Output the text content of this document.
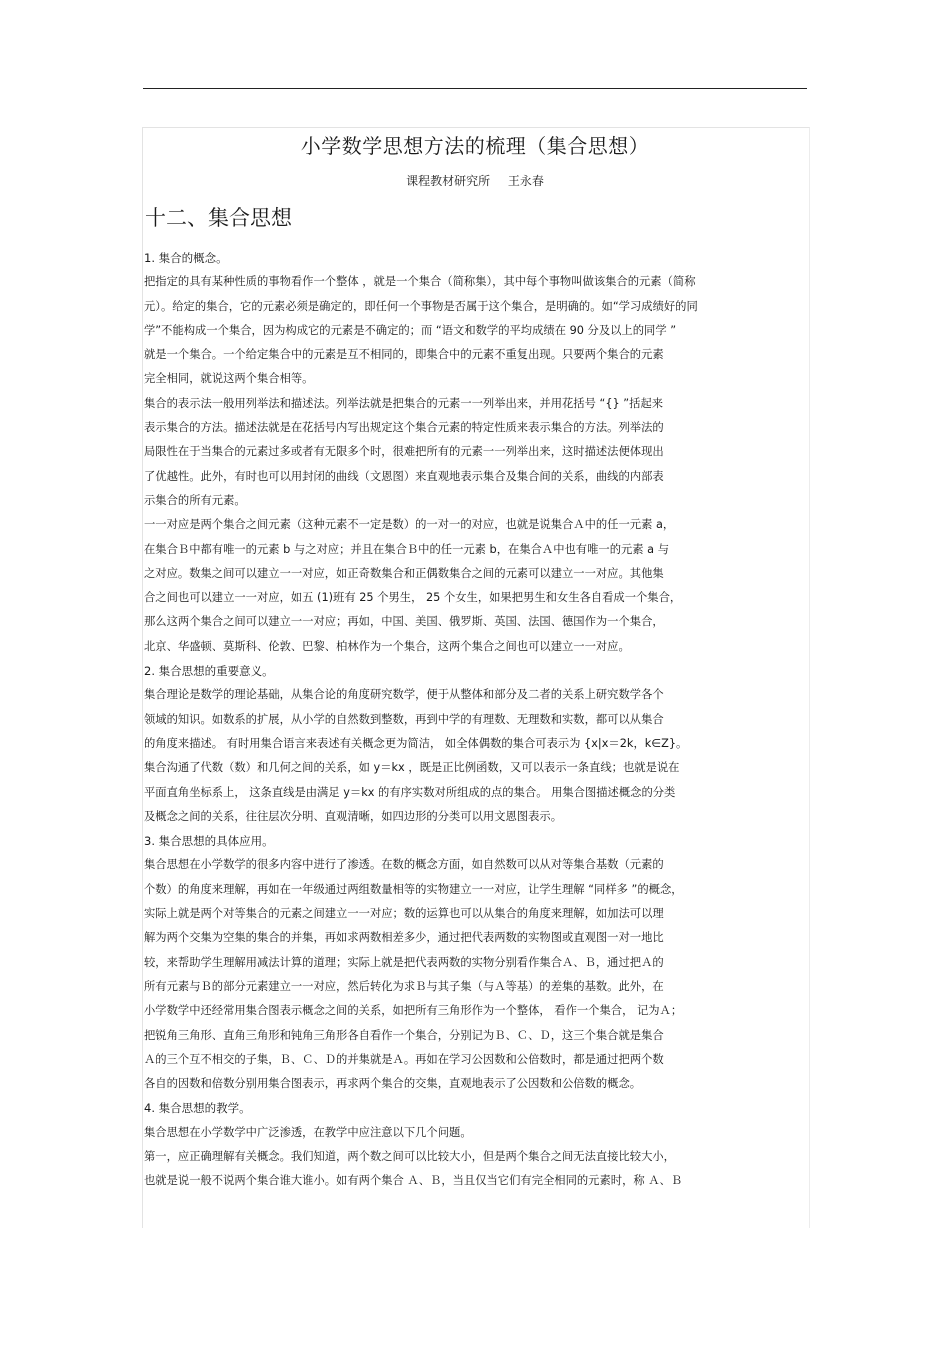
小学数学思想方法的梳理（集合思想）
课程教材研究所 王永春
十二、集合思想

1. 集合的概念。

把指定的具有某种性质的事物看作一个整体 ，就是一个集合（简称集），其中每个事物叫做该集合的元素（简称

元）。给定的集合，它的元素必须是确定的，即任何一个事物是否属于这个集合，是明确的。如“学习成绩好的同

学”不能构成一个集合，因为构成它的元素是不确定的；而 “语文和数学的平均成绩在 90 分及以上的同学 ”

就是一个集合。一个给定集合中的元素是互不相同的，即集合中的元素不重复出现。只要两个集合的元素

完全相同，就说这两个集合相等。

集合的表示法一般用列举法和描述法。列举法就是把集合的元素一一列举出来，并用花括号 “{} ”括起来

表示集合的方法。描述法就是在花括号内写出规定这个集合元素的特定性质来表示集合的方法。列举法的

局限性在于当集合的元素过多或者有无限多个时，很难把所有的元素一一列举出来，这时描述法便体现出

了优越性。此外，有时也可以用封闭的曲线（文恩图）来直观地表示集合及集合间的关系，曲线的内部表

示集合的所有元素。

一一对应是两个集合之间元素（这种元素不一定是数）的一对一的对应，也就是说集合Ａ中的任一元素 a，

在集合Ｂ中都有唯一的元素 b 与之对应；并且在集合Ｂ中的任一元素 b，在集合Ａ中也有唯一的元素 a 与

之对应。数集之间可以建立一一对应，如正奇数集合和正偶数集合之间的元素可以建立一一对应。其他集

合之间也可以建立一一对应，如五 (1)班有 25 个男生， 25 个女生，如果把男生和女生各自看成一个集合，

那么这两个集合之间可以建立一一对应；再如，中国、美国、俄罗斯、英国、法国、德国作为一个集合，

北京、华盛顿、莫斯科、伦敦、巴黎、柏林作为一个集合，这两个集合之间也可以建立一一对应。

2. 集合思想的重要意义。

集合理论是数学的理论基础，从集合论的角度研究数学，便于从整体和部分及二者的关系上研究数学各个

领域的知识。如数系的扩展，从小学的自然数到整数，再到中学的有理数、无理数和实数，都可以从集合

的角度来描述。 有时用集合语言来表述有关概念更为简洁， 如全体偶数的集合可表示为 {x|x＝2k，k∈Z}。

集合沟通了代数（数）和几何之间的关系，如 y＝kx ，既是正比例函数，又可以表示一条直线；也就是说在

平面直角坐标系上， 这条直线是由满足 y＝kx 的有序实数对所组成的点的集合。 用集合图描述概念的分类

及概念之间的关系，往往层次分明、直观清晰，如四边形的分类可以用文恩图表示。

3. 集合思想的具体应用。

集合思想在小学数学的很多内容中进行了渗透。在数的概念方面，如自然数可以从对等集合基数（元素的

个数）的角度来理解，再如在一年级通过两组数量相等的实物建立一一对应，让学生理解 “同样多 ”的概念，

实际上就是两个对等集合的元素之间建立一一对应；数的运算也可以从集合的角度来理解，如加法可以理

解为两个交集为空集的集合的并集，再如求两数相差多少，通过把代表两数的实物图或直观图一对一地比

较，来帮助学生理解用减法计算的道理；实际上就是把代表两数的实物分别看作集合Ａ、Ｂ，通过把Ａ的

所有元素与Ｂ的部分元素建立一一对应，然后转化为求Ｂ与其子集（与Ａ等基）的差集的基数。此外，在

小学数学中还经常用集合图表示概念之间的关系，如把所有三角形作为一个整体， 看作一个集合， 记为Ａ；

把锐角三角形、直角三角形和钝角三角形各自看作一个集合，分别记为Ｂ、Ｃ、Ｄ，这三个集合就是集合

Ａ的三个互不相交的子集，Ｂ、Ｃ、Ｄ的并集就是Ａ。再如在学习公因数和公倍数时，都是通过把两个数

各自的因数和倍数分别用集合图表示，再求两个集合的交集，直观地表示了公因数和公倍数的概念。

4. 集合思想的教学。

集合思想在小学数学中广泛渗透，在教学中应注意以下几个问题。

第一，应正确理解有关概念。我们知道，两个数之间可以比较大小，但是两个集合之间无法直接比较大小，

也就是说一般不说两个集合谁大谁小。如有两个集合 Ａ、Ｂ，当且仅当它们有完全相同的元素时，称 Ａ、Ｂ
